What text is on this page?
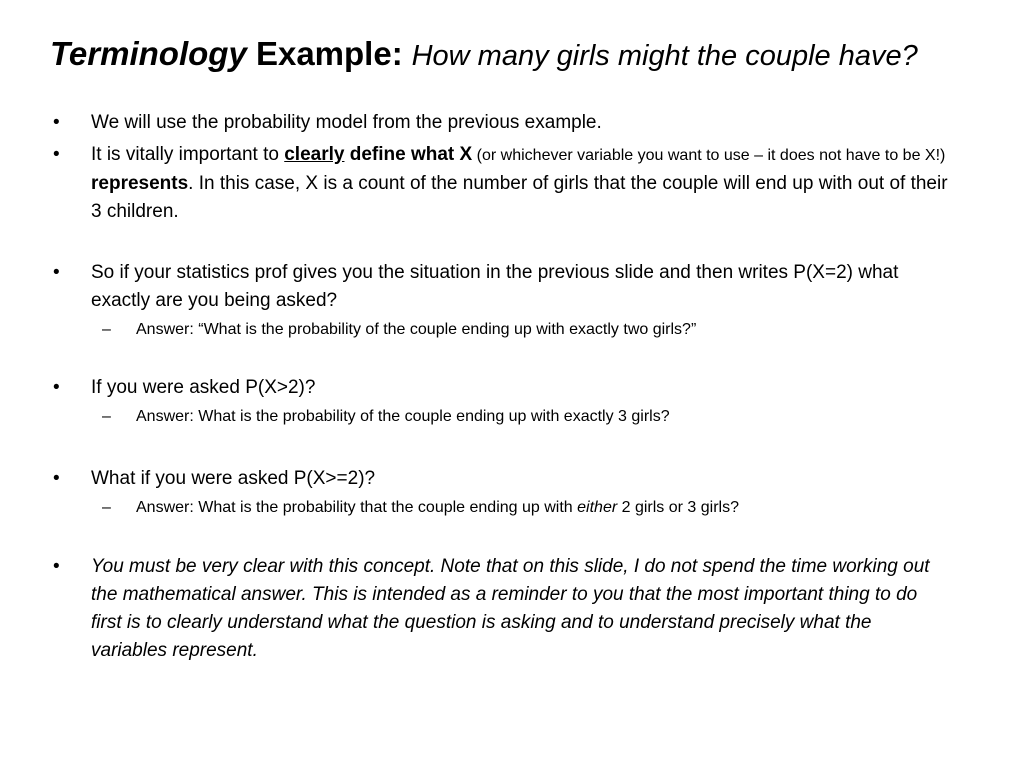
Terminology Example: How many girls might the couple have?
• We will use the probability model from the previous example.
• It is vitally important to clearly define what X (or whichever variable you want to use – it does not have to be X!) represents. In this case, X is a count of the number of girls that the couple will end up with out of their 3 children.
• So if your statistics prof gives you the situation in the previous slide and then writes P(X=2) what exactly are you being asked?
– Answer: “What is the probability of the couple ending up with exactly two girls?”
• If you were asked P(X>2)?
– Answer: What is the probability of the couple ending up with exactly 3 girls?
• What if you were asked P(X>=2)?
– Answer: What is the probability that the couple ending up with either 2 girls or 3 girls?
• You must be very clear with this concept. Note that on this slide, I do not spend the time working out the mathematical answer. This is intended as a reminder to you that the most important thing to do first is to clearly understand what the question is asking and to understand precisely what the variables represent.
